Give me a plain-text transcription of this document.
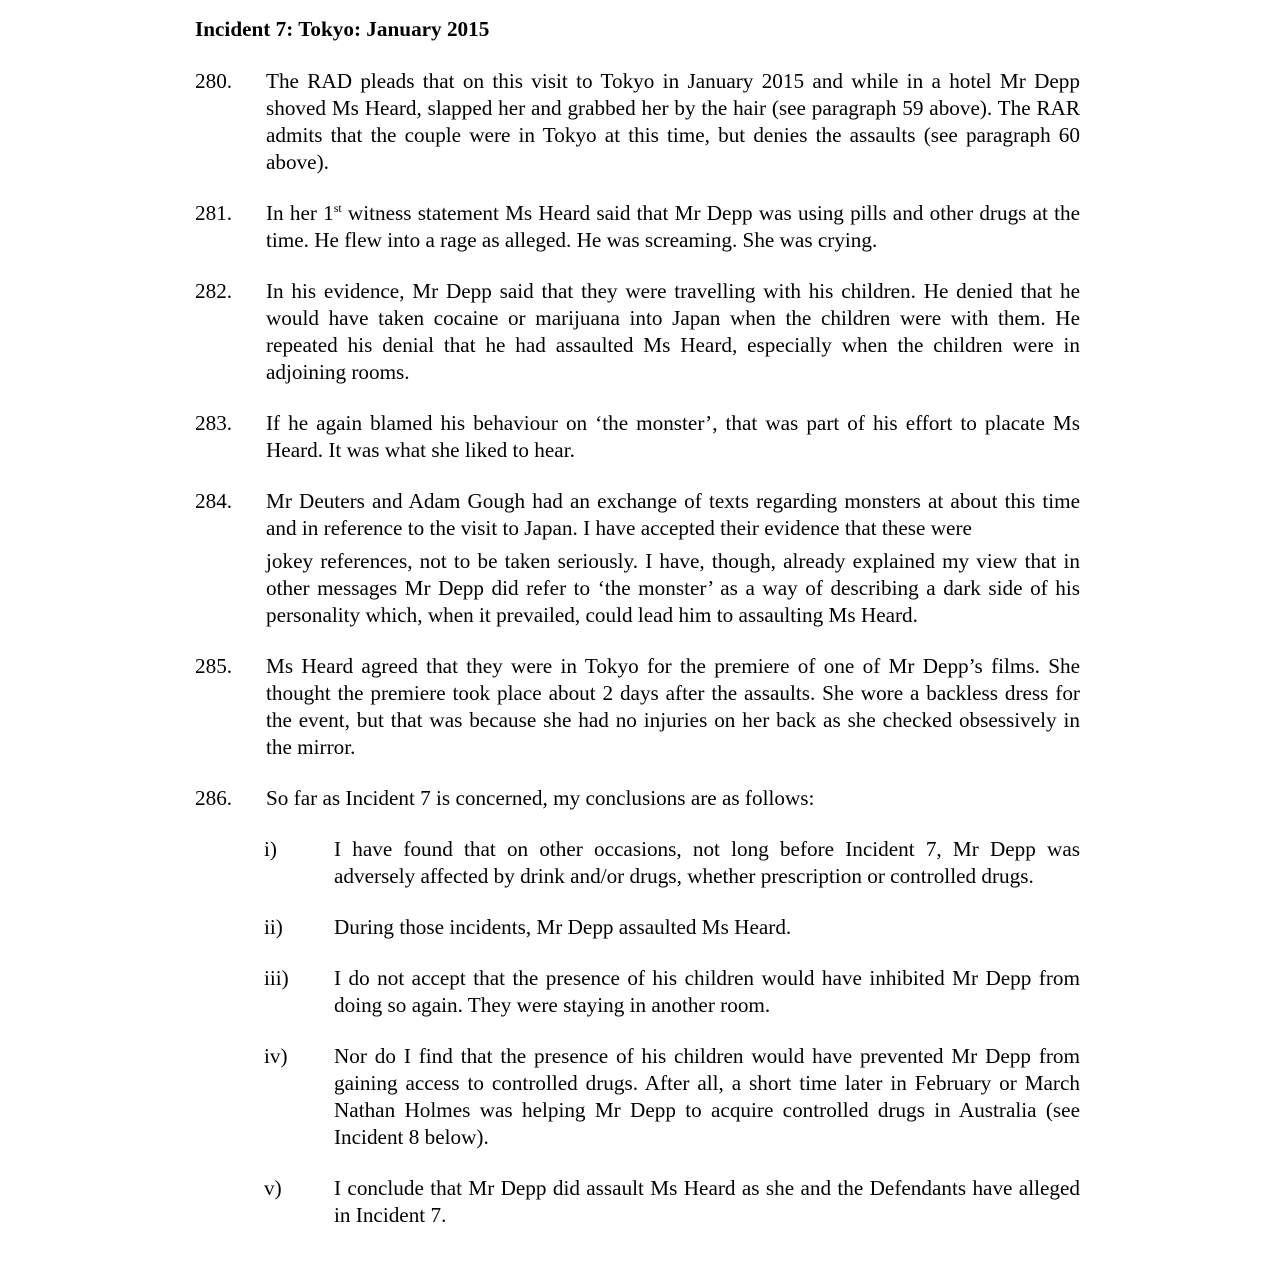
Incident 7: Tokyo: January 2015
280.	The RAD pleads that on this visit to Tokyo in January 2015 and while in a hotel Mr Depp shoved Ms Heard, slapped her and grabbed her by the hair (see paragraph 59 above). The RAR admits that the couple were in Tokyo at this time, but denies the assaults (see paragraph 60 above).
281.	In her 1st witness statement Ms Heard said that Mr Depp was using pills and other drugs at the time. He flew into a rage as alleged. He was screaming. She was crying.
282.	In his evidence, Mr Depp said that they were travelling with his children. He denied that he would have taken cocaine or marijuana into Japan when the children were with them. He repeated his denial that he had assaulted Ms Heard, especially when the children were in adjoining rooms.
283.	If he again blamed his behaviour on ‘the monster’, that was part of his effort to placate Ms Heard. It was what she liked to hear.
284.	Mr Deuters and Adam Gough had an exchange of texts regarding monsters at about this time and in reference to the visit to Japan. I have accepted their evidence that these were
jokey references, not to be taken seriously. I have, though, already explained my view that in other messages Mr Depp did refer to ‘the monster’ as a way of describing a dark side of his personality which, when it prevailed, could lead him to assaulting Ms Heard.
285.	Ms Heard agreed that they were in Tokyo for the premiere of one of Mr Depp’s films. She thought the premiere took place about 2 days after the assaults. She wore a backless dress for the event, but that was because she had no injuries on her back as she checked obsessively in the mirror.
286.	So far as Incident 7 is concerned, my conclusions are as follows:
i)	I have found that on other occasions, not long before Incident 7, Mr Depp was adversely affected by drink and/or drugs, whether prescription or controlled drugs.
ii)	During those incidents, Mr Depp assaulted Ms Heard.
iii)	I do not accept that the presence of his children would have inhibited Mr Depp from doing so again. They were staying in another room.
iv)	Nor do I find that the presence of his children would have prevented Mr Depp from gaining access to controlled drugs. After all, a short time later in February or March Nathan Holmes was helping Mr Depp to acquire controlled drugs in Australia (see Incident 8 below).
v)	I conclude that Mr Depp did assault Ms Heard as she and the Defendants have alleged in Incident 7.
